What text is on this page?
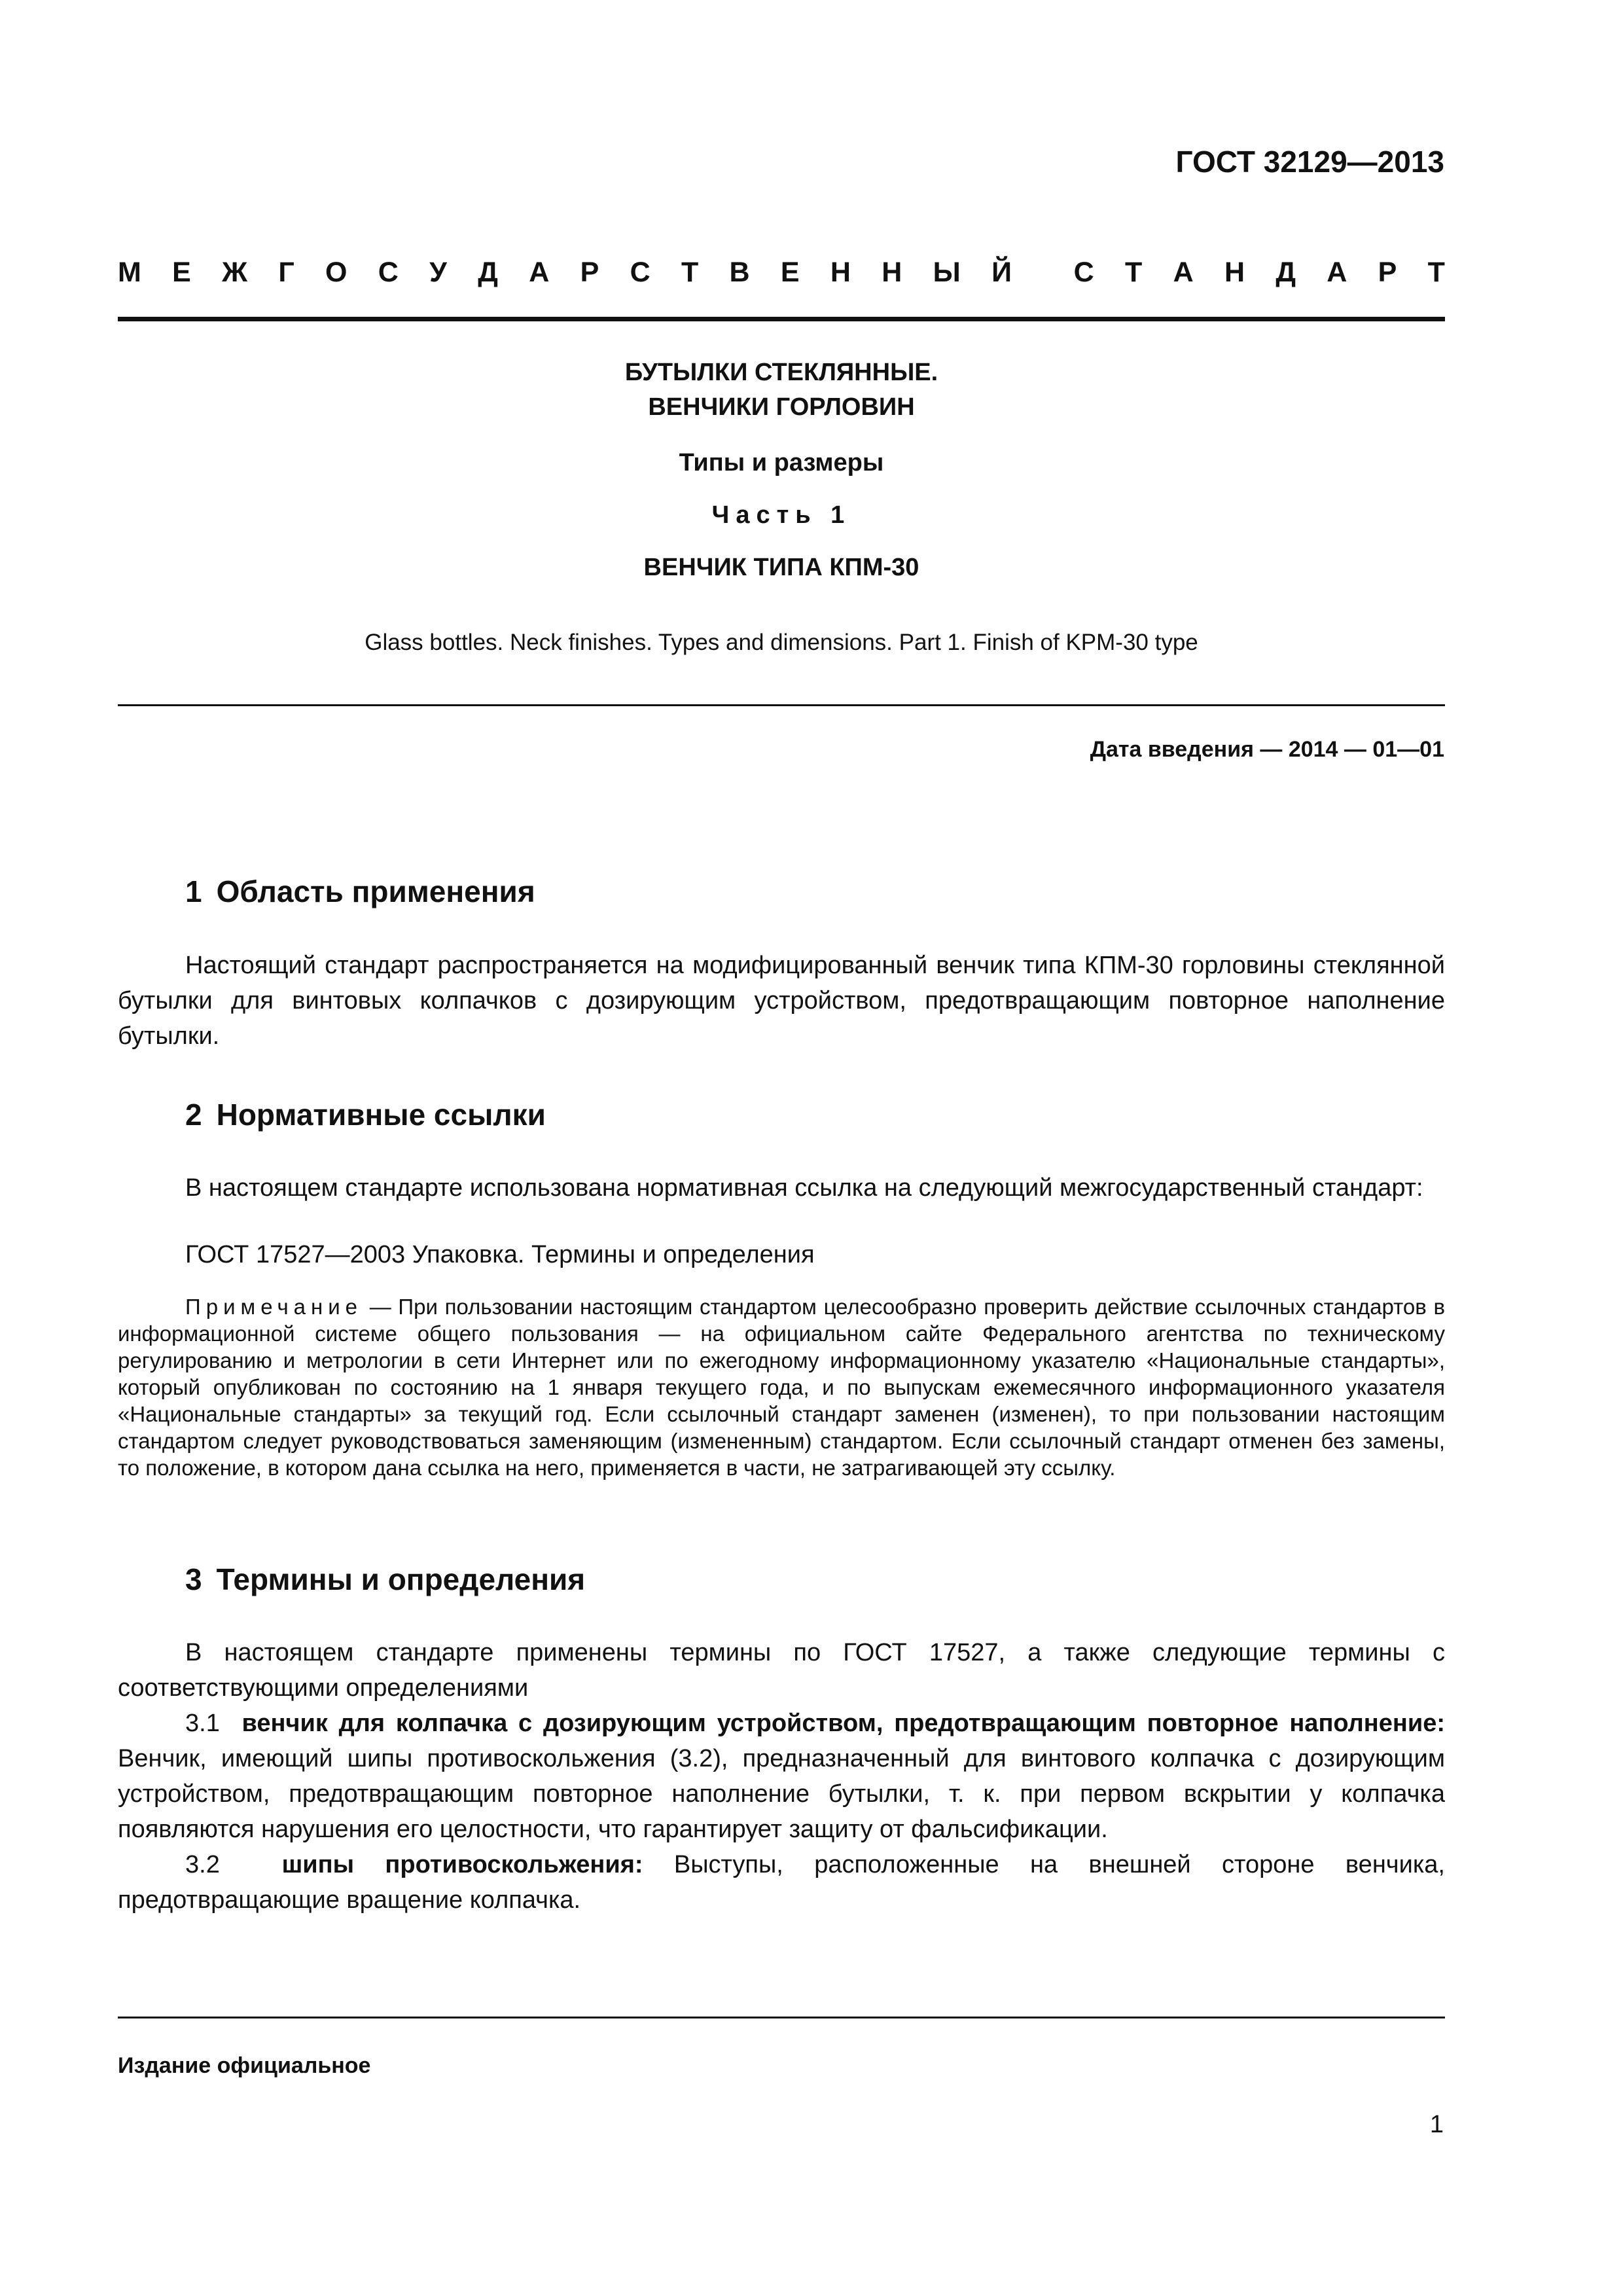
ГОСТ 32129—2013
М Е Ж Г О С У Д А Р С Т В Е Н Н Ы Й С Т А Н Д А Р Т
БУТЫЛКИ СТЕКЛЯННЫЕ.
ВЕНЧИКИ ГОРЛОВИН
Типы и размеры
Часть 1
ВЕНЧИК ТИПА КПМ-30
Glass bottles. Neck finishes. Types and dimensions. Part 1. Finish of KPM-30 type
Дата введения — 2014 — 01—01
1 Область применения

Настоящий стандарт распространяется на модифицированный венчик типа КПМ-30 горловины стеклянной бутылки для винтовых колпачков с дозирующим устройством, предотвращающим повторное наполнение бутылки.

2 Нормативные ссылки

В настоящем стандарте использована нормативная ссылка на следующий межгосударственный стандарт:

ГОСТ 17527—2003 Упаковка. Термины и определения

Примечание — При пользовании настоящим стандартом целесообразно проверить действие ссылочных стандартов в информационной системе общего пользования — на официальном сайте Федерального агентства по техническому регулированию и метрологии в сети Интернет или по ежегодному информационному указателю «Национальные стандарты», который опубликован по состоянию на 1 января текущего года, и по выпускам ежемесячного информационного указателя «Национальные стандарты» за текущий год. Если ссылочный стандарт заменен (изменен), то при пользовании настоящим стандартом следует руководствоваться заменяющим (измененным) стандартом. Если ссылочный стандарт отменен без замены, то положение, в котором дана ссылка на него, применяется в части, не затрагивающей эту ссылку.

3 Термины и определения

В настоящем стандарте применены термины по ГОСТ 17527, а также следующие термины с соответствующими определениями

3.1  венчик для колпачка с дозирующим устройством, предотвращающим повторное наполнение: Венчик, имеющий шипы противоскольжения (3.2), предназначенный для винтового колпачка с дозирующим устройством, предотвращающим повторное наполнение бутылки, т. к. при первом вскрытии у колпачка появляются нарушения его целостности, что гарантирует защиту от фальсификации.

3.2  шипы противоскольжения: Выступы, расположенные на внешней стороне венчика, предотвращающие вращение колпачка.

Издание официальное
1
